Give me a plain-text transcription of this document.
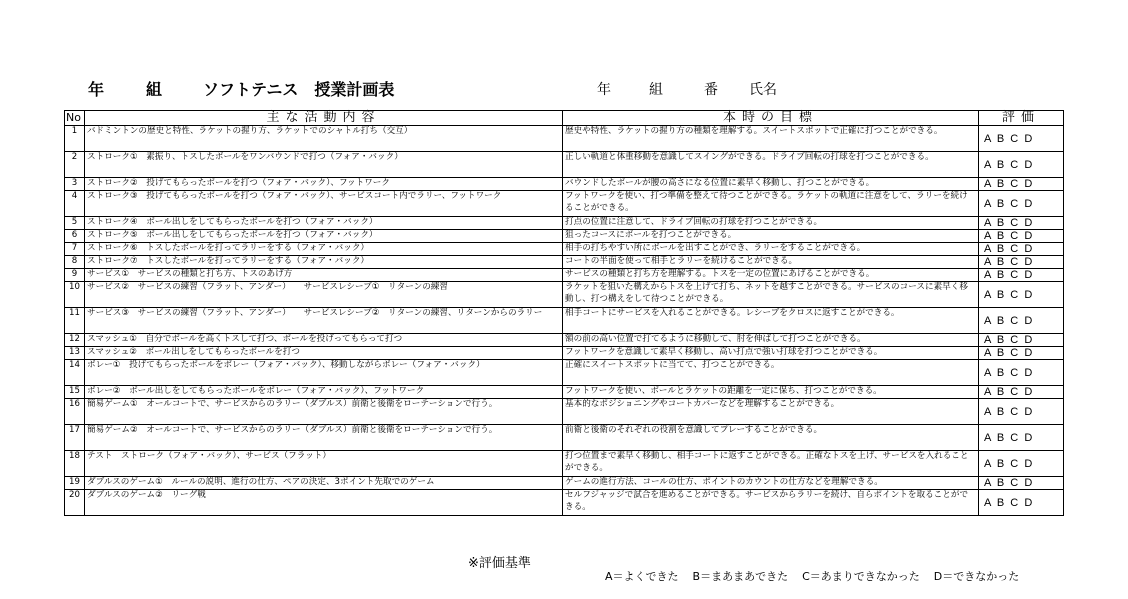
年	組	ソフトテニス　授業計画表	年	組	番 氏名
No	主な活動内容	本時の目標	評価
1	バドミントンの歴史と特性、ラケットの握り方、ラケットでのシャトル打ち（交互）	歴史や特性、ラケットの握り方の種類を理解する。スイートスポットで正確に打つことができる。	A  B  C  D
2	ストローク①　素振り、トスしたボールをワンバウンドで打つ（フォア・バック）	正しい軌道と体重移動を意識してスイングができる。ドライブ回転の打球を打つことができる。	A  B  C  D
3	ストローク②　投げてもらったボールを打つ（フォア・バック）、フットワーク	バウンドしたボールが腰の高さになる位置に素早く移動し、打つことができる。	A  B  C  D
4	ストローク③　投げてもらったボールを打つ（フォア・バック）、サービスコート内でラリー、フットワーク	フットワークを使い、打つ準備を整えて待つことができる。ラケットの軌道に注意をして、ラリーを続けることができる。	A  B  C  D
5	ストローク④　ボール出しをしてもらったボールを打つ（フォア・バック）	打点の位置に注意して、ドライブ回転の打球を打つことができる。	A  B  C  D
6	ストローク⑤　ボール出しをしてもらったボールを打つ（フォア・バック）	狙ったコースにボールを打つことができる。	A  B  C  D
7	ストローク⑥　トスしたボールを打ってラリーをする（フォア・バック）	相手の打ちやすい所にボールを出すことができ、ラリーをすることができる。	A  B  C  D
8	ストローク⑦　トスしたボールを打ってラリーをする（フォア・バック）	コートの半面を使って相手とラリーを続けることができる。	A  B  C  D
9	サービス①　サービスの種類と打ち方、トスのあげ方	サービスの種類と打ち方を理解する。トスを一定の位置にあげることができる。	A  B  C  D
10	サービス②　サービスの練習（フラット、アンダー）　　サービスレシーブ①　リターンの練習	ラケットを狙いた構えからトスを上げて打ち、ネットを越すことができる。サービスのコースに素早く移動し、打つ構えをして待つことができる。	A  B  C  D
11	サービス③　サービスの練習（フラット、アンダー）　　サービスレシーブ②　リターンの練習、リターンからのラリー	相手コートにサービスを入れることができる。レシーブをクロスに返すことができる。	A  B  C  D
12	スマッシュ①　自分でボールを高くトスして打つ、ボールを投げってもらって打つ	額の前の高い位置で打てるように移動して、肘を伸ばして打つことができる。	A  B  C  D
13	スマッシュ②　ボール出しをしてもらったボールを打つ	フットワークを意識して素早く移動し、高い打点で強い打球を打つことができる。	A  B  C  D
14	ボレー①　投げてもらったボールをボレー（フォア・バック）、移動しながらボレー（フォア・バック）	正確にスイートスポットに当てて、打つことができる。	A  B  C  D
15	ボレー②　ボール出しをしてもらったボールをボレー（フォア・バック）、フットワーク	フットワークを使い、ボールとラケットの距離を一定に保ち、打つことができる。	A  B  C  D
16	簡易ゲーム①　オールコートで、サービスからのラリー（ダブルス）前衛と後衛をローテーションで行う。	基本的なポジショニングやコートカバーなどを理解することができる。	A  B  C  D
17	簡易ゲーム②　オールコートで、サービスからのラリー（ダブルス）前衛と後衛をローテーションで行う。	前衛と後衛のそれぞれの役割を意識してプレーすることができる。	A  B  C  D
18	テスト　ストローク（フォア・バック）、サービス（フラット）	打つ位置まで素早く移動し、相手コートに返すことができる。正確なトスを上げ、サービスを入れることができる。	A  B  C  D
19	ダブルスのゲーム①　ルールの説明、進行の仕方、ペアの決定、3ポイント先取でのゲーム	ゲームの進行方法、コールの仕方、ポイントのカウントの仕方などを理解できる。	A  B  C  D
20	ダブルスのゲーム②　リーグ戦	セルフジャッジで試合を進めることができる。サービスからラリーを続け、自らポイントを取ることができる。	A  B  C  D
※評価基準

A＝よくできた B＝まあまあできた C＝あまりできなかった D＝できなかった
